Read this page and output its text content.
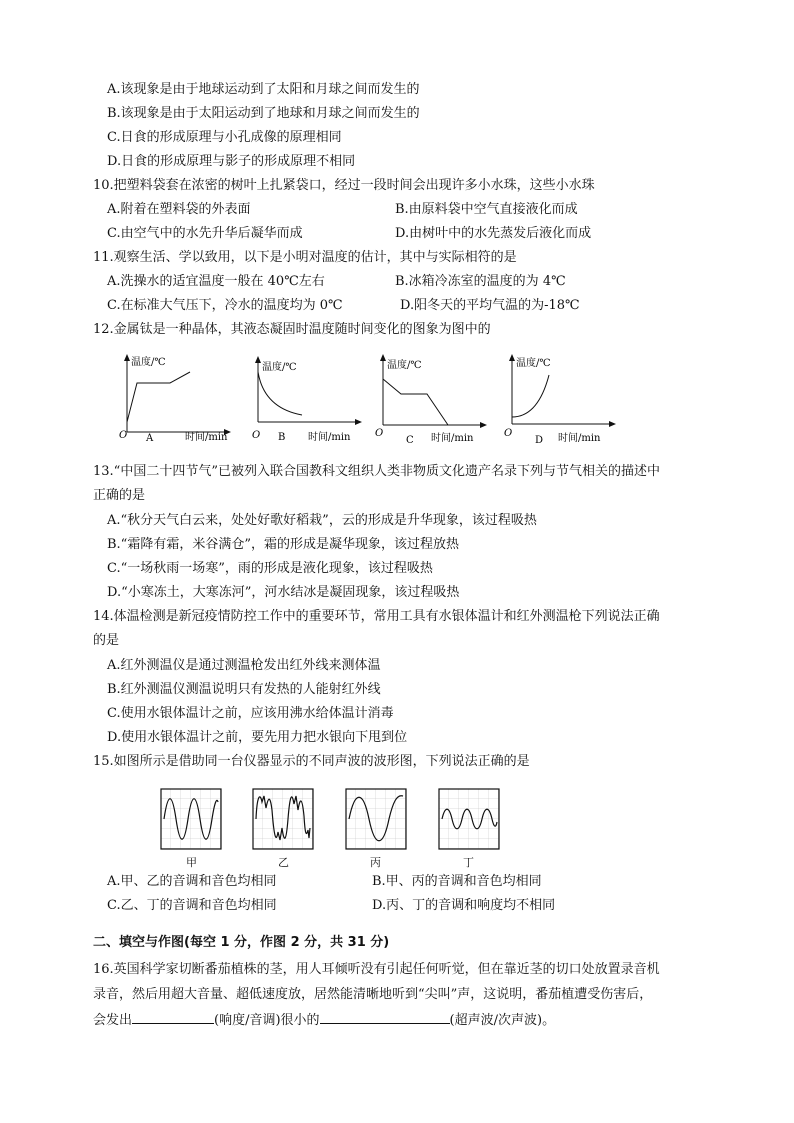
A.该现象是由于地球运动到了太阳和月球之间而发生的
B.该现象是由于太阳运动到了地球和月球之间而发生的
C.日食的形成原理与小孔成像的原理相同
D.日食的形成原理与影子的形成原理不相同
10.把塑料袋套在浓密的树叶上扎紧袋口，经过一段时间会出现许多小水珠，这些小水珠
A.附着在塑料袋的外表面	B.由原料袋中空气直接液化而成
C.由空气中的水先升华后凝华而成	D.由树叶中的水先蒸发后液化而成
11.观察生活、学以致用，以下是小明对温度的估计，其中与实际相符的是
A.洗操水的适宜温度一般在 40℃左右	B.冰箱冷冻室的温度的为 4℃
C.在标准大气压下，冷水的温度均为 0℃	D.阳冬天的平均气温的为-18℃
12.金属钛是一种晶体，其液态凝固时温度随时间变化的图象为图中的
温度/℃
O A	时间/min
温度/℃
O B 时间/min
温度/℃
O
C 时间/min
温度/℃
O
D 时间/min
13.“中国二十四节气”已被列入联合国教科文组织人类非物质文化遗产名录下列与节气相关的描述中
正确的是
A.“秋分天气白云来，处处好歌好稻栽”，云的形成是升华现象，该过程吸热
B.“霜降有霜，米谷满仓”，霜的形成是凝华现象，该过程放热
C.“一场秋雨一场寒”，雨的形成是液化现象，该过程吸热
D.“小寒冻土，大寒冻河”，河水结冰是凝固现象，该过程吸热
14.体温检测是新冠疫情防控工作中的重要环节，常用工具有水银体温计和红外测温枪下列说法正确
的是
A.红外测温仪是通过测温枪发出红外线来测体温
B.红外测温仪测温说明只有发热的人能射红外线
C.使用水银体温计之前，应该用沸水给体温计消毒
D.使用水银体温计之前，要先用力把水银向下甩到位
15.如图所示是借助同一台仪器显示的不同声波的波形图，下列说法正确的是
甲	乙	丙	丁
A.甲、乙的音调和音色均相同	B.甲、丙的音调和音色均相同
C.乙、丁的音调和音色均相同	D.丙、丁的音调和响度均不相同
二、填空与作图(每空 1 分，作图 2 分，共 31 分)
16.英国科学家切断番茄植株的茎，用人耳倾听没有引起任何听觉，但在靠近茎的切口处放置录音机
录音，然后用超大音量、超低速度放，居然能清晰地听到“尖叫”声，这说明，番茄植遭受伤害后，
会发出	(响度/音调)很小的	(超声波/次声波)。
